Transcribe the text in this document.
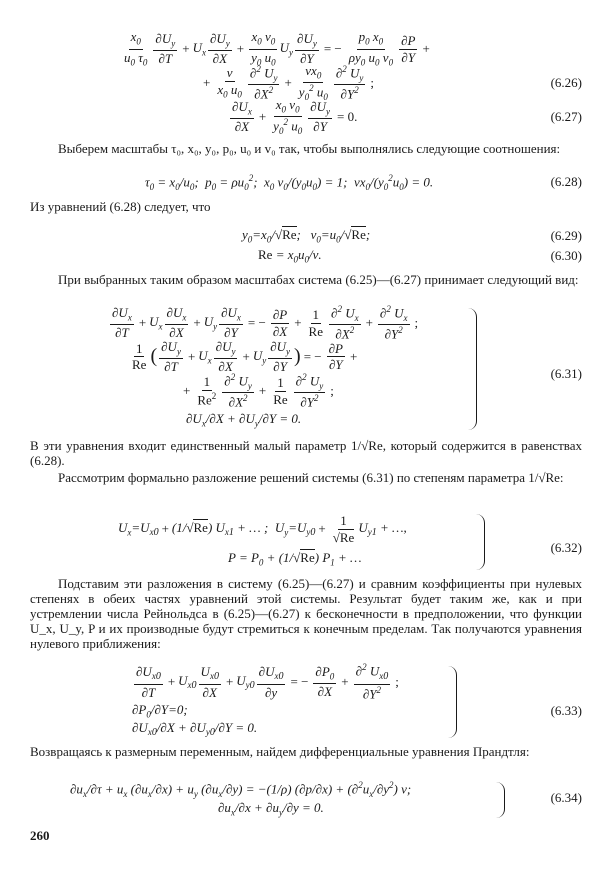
$\frac{x_0}{u_0 \tau_0} \frac{\partial U_y}{\partial T} + U_x \frac{\partial U_y}{\partial X} + \frac{x_0 v_0}{y_0 u_0} U_y \frac{\partial U_y}{\partial Y}$ = − $\frac{p_0 x_0}{\rho y_0 u_0 v_0} \frac{\partial P}{\partial Y}$ +
+ $\frac{\nu}{x_0 u_0} \frac{\partial^2 U_y}{\partial X^2} + \frac{\nu x_0}{y_0^2 u_0} \frac{\partial^2 U_y}{\partial Y^2}$ ;	(6.26)
$\frac{\partial U_x}{\partial X} + \frac{x_0 v_0}{y_0^2 u_0} \frac{\partial U_y}{\partial Y} = 0$.	(6.27)
Выберем масштабы τ₀, x₀, y₀, p₀, u₀ и v₀ так, чтобы выполнялись следующие соотношения:
$\tau_0 = x_0/u_0$;  $p_0 = \rho u_0^2$;  $x_0$ $v_0/(y_0u_0) = 1$;  $\nu x_0/(y_0^2u_0) = 0$.	(6.28)
Из уравнений (6.28) следует, что
$y_0=x_0/√Re$;   $v_0=u_0/√Re$;	(6.29)
$Re = x_0u_0/\nu$.	(6.30)
При выбранных таким образом масштабах система (6.25)—(6.27) принимает следующий вид:
$\frac{\partial U_x}{\partial T} + U_x \frac{\partial U_x}{\partial X} + U_y \frac{\partial U_x}{\partial Y}$ = − $\frac{\partial P}{\partial X} + \frac{1}{Re} \frac{\partial^2 U_x}{\partial X^2} + \frac{\partial^2 U_x}{\partial Y^2}$ ;
$\frac{1}{Re}$ ( $\frac{\partial U_y}{\partial T} + U_x \frac{\partial U_y}{\partial X} + U_y \frac{\partial U_y}{\partial Y}$ ) = − $\frac{\partial P}{\partial Y}$ +
(6.31)
+ $\frac{1}{Re^2} \frac{\partial^2 U_y}{\partial X^2} + \frac{1}{Re} \frac{\partial^2 U_y}{\partial Y^2}$ ;
$\partial U_x/\partial X + \partial U_y/\partial Y = 0$.
В эти уравнения входит единственный малый параметр 1/√Re, который содержится в равенствах (6.28).
Рассмотрим формально разложение решений системы (6.31) по степеням параметра 1/√Re:
$U_x=U_{x0} + (1/√Re) U_{x1}$ + … ;  $U_y=U_{y0} + \frac{1}{√Re} U_{y1}$ + …,
$P = P_0 + (1/√Re) P_1$ + …
(6.32)
Подставим эти разложения в систему (6.25)—(6.27) и сравним коэффициенты при нулевых степенях в обеих частях уравнений этой системы. Результат будет таким же, как и при устремлении числа Рейнольдса в (6.25)—(6.27) к бесконечности в предположении, что функции U_x, U_y, P и их производные будут стремиться к конечным пределам. Так получаются уравнения нулевого приближения:
$\frac{\partial U_{x0}}{\partial T} + U_{x0} \frac{U_{x0}}{\partial X} + U_{y0} \frac{\partial U_{x0}}{\partial y}$ = − $\frac{\partial P_0}{\partial X} + \frac{\partial^2 U_{x0}}{\partial Y^2}$ ;
$\partial P_0/\partial Y=0$;	(6.33)
$\partial U_{x0}/\partial X + \partial U_{y0}/\partial Y = 0$.
Возвращаясь к размерным переменным, найдем дифференциальные уравнения Прандтля:
$\partial u_x/\partial\tau + u_x$ $(\partial u_x/\partial x) + u_y$ $(\partial u_x/\partial y) = -(1/\rho) (\partial p/\partial x) + (\partial^2u_x/\partial y^2)$ ν;
(6.34)
$\partial u_x/\partial x + \partial u_y/\partial y = 0$.
260
